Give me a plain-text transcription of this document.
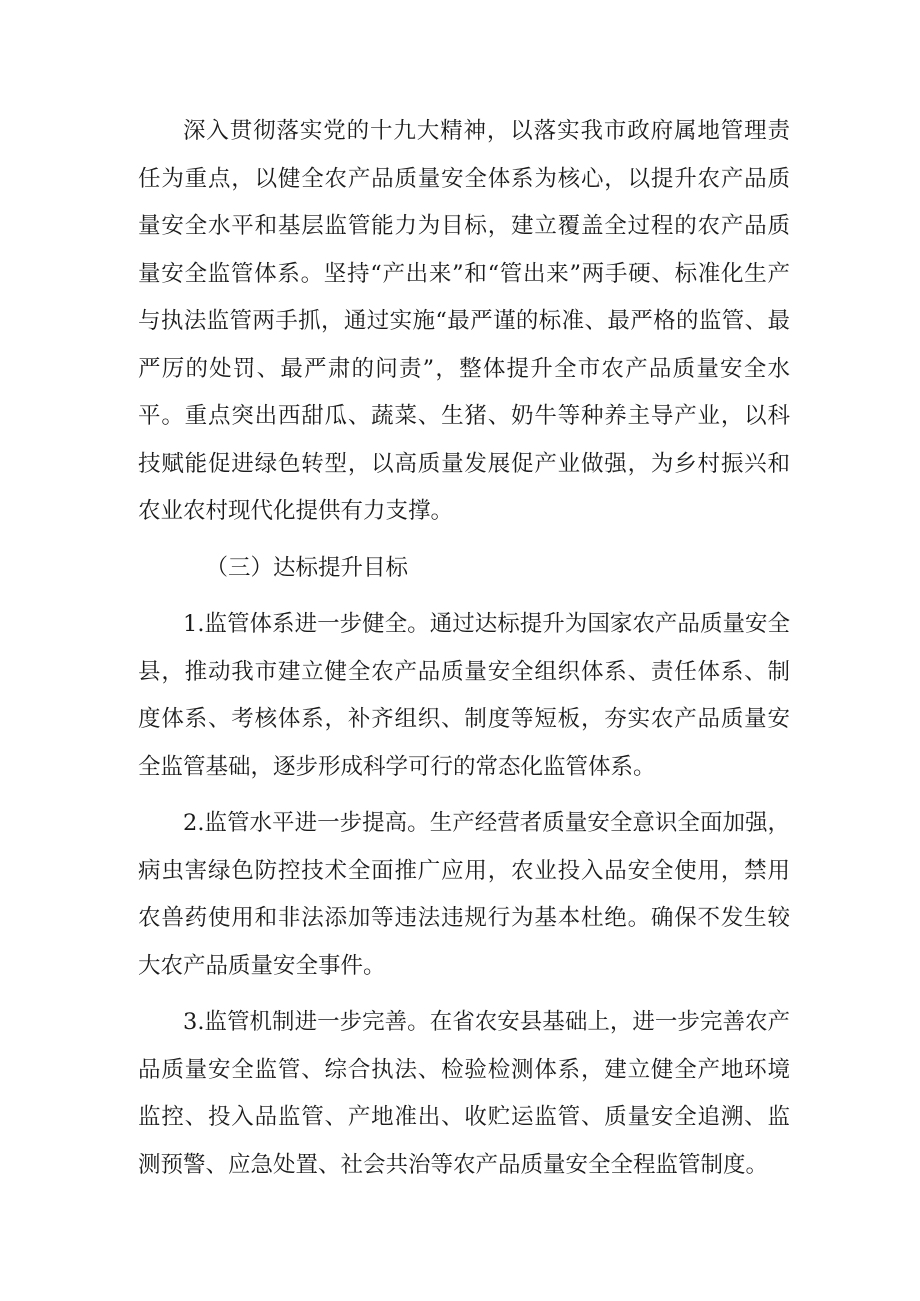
深入贯彻落实党的十九大精神，以落实我市政府属地管理责任为重点，以健全农产品质量安全体系为核心，以提升农产品质量安全水平和基层监管能力为目标，建立覆盖全过程的农产品质量安全监管体系。坚持“产出来”和“管出来”两手硬、标准化生产与执法监管两手抓，通过实施“最严谨的标准、最严格的监管、最严厉的处罚、最严肃的问责”，整体提升全市农产品质量安全水平。重点突出西甜瓜、蔬菜、生猪、奶牛等种养主导产业，以科技赋能促进绿色转型，以高质量发展促产业做强，为乡村振兴和农业农村现代化提供有力支撑。

（三）达标提升目标

1.监管体系进一步健全。通过达标提升为国家农产品质量安全县，推动我市建立健全农产品质量安全组织体系、责任体系、制度体系、考核体系，补齐组织、制度等短板，夯实农产品质量安全监管基础，逐步形成科学可行的常态化监管体系。

2.监管水平进一步提高。生产经营者质量安全意识全面加强，病虫害绿色防控技术全面推广应用，农业投入品安全使用，禁用农兽药使用和非法添加等违法违规行为基本杜绝。确保不发生较大农产品质量安全事件。

3.监管机制进一步完善。在省农安县基础上，进一步完善农产品质量安全监管、综合执法、检验检测体系，建立健全产地环境监控、投入品监管、产地准出、收贮运监管、质量安全追溯、监测预警、应急处置、社会共治等农产品质量安全全程监管制度。
